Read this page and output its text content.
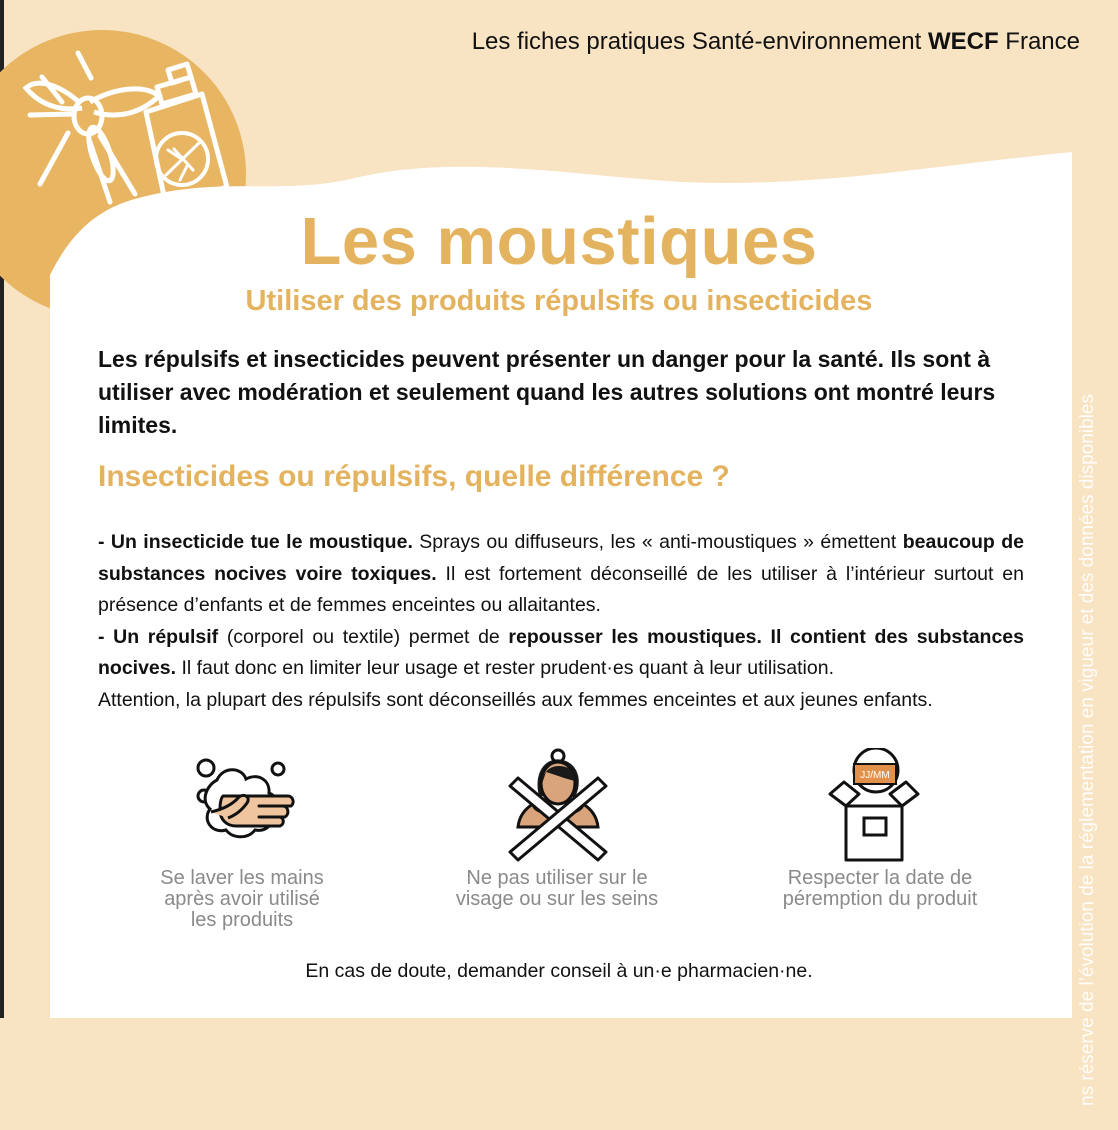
ns réserve de l’évolution de la réglementation en vigueur et des données disponibles
Les fiches pratiques Santé-environnement WECF France
Les moustiques
Utiliser des produits répulsifs ou insecticides
Les répulsifs et insecticides peuvent présenter un danger pour la santé. Ils sont à utiliser avec modération et seulement quand les autres solutions ont montré leurs limites.
Insecticides ou répulsifs, quelle différence ?

- Un insecticide tue le moustique. Sprays ou diffuseurs, les « anti-moustiques » émettent beaucoup de substances nocives voire toxiques. Il est fortement déconseillé de les utiliser à l’intérieur surtout en présence d’enfants et de femmes enceintes ou allaitantes.

- Un répulsif (corporel ou textile) permet de repousser les moustiques. Il contient des substances nocives. Il faut donc en limiter leur usage et rester prudent·es quant à leur utilisation.

Attention, la plupart des répulsifs sont déconseillés aux femmes enceintes et aux jeunes enfants.

Se laver les mains
après avoir utilisé
les produits
Ne pas utiliser sur le
visage ou sur les seins
JJ/MM
Respecter la date de
péremption du produit
En cas de doute, demander conseil à un·e pharmacien·ne.
